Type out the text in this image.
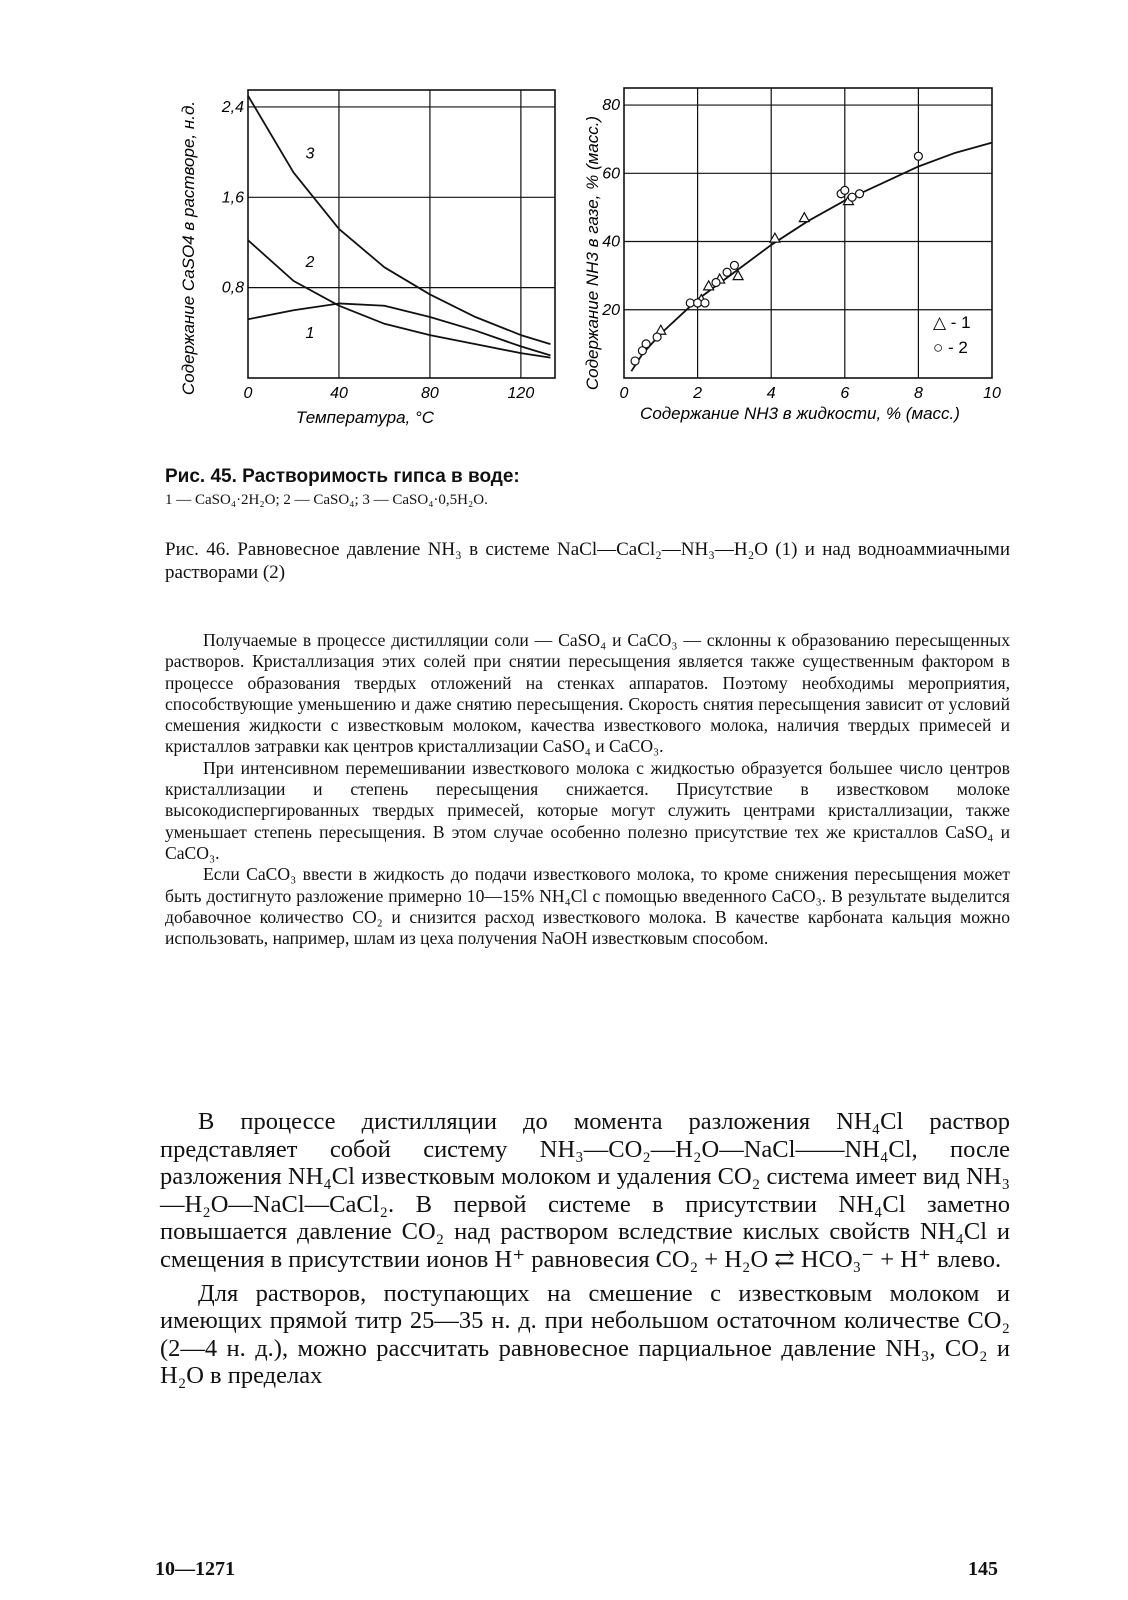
1
2
3
0	40	80	120
0,8
1,6
2,4
Температура, °С
Содержание CaSO4 в растворе, н.д.	0	2	4	6	8	10
20
40
60
80
△ - 1
○ - 2
Содержание NH3 в жидкости, % (масс.)
Содержание NH3 в газе, % (масс.)
Рис. 45. Растворимость гипса в воде:
1 — CaSO₄·2H₂O; 2 — CaSO₄; 3 — CaSO₄·0,5H₂O.
Рис. 46. Равновесное давление NH₃ в системе NaCl—CaCl₂—NH₃—H₂O (1) и над водноаммиачными растворами (2)

Получаемые в процессе дистилляции соли — CaSO₄ и CaCO₃ — склонны к образованию пересыщенных растворов. Кристаллизация этих солей при снятии пересыщения является также существенным фактором в процессе образования твердых отложений на стенках аппаратов. Поэтому необходимы мероприятия, способствующие уменьшению и даже снятию пересыщения. Скорость снятия пересыщения зависит от условий смешения жидкости с известковым молоком, качества известкового молока, наличия твердых примесей и кристаллов затравки как центров кристаллизации CaSO₄ и CaCO₃.

При интенсивном перемешивании известкового молока с жидкостью образуется большее число центров кристаллизации и степень пересыщения снижается. Присутствие в известковом молоке высокодиспергированных твердых примесей, которые могут служить центрами кристаллизации, также уменьшает степень пересыщения. В этом случае особенно полезно присутствие тех же кристаллов CaSO₄ и CaCO₃.

Если CaCO₃ ввести в жидкость до подачи известкового молока, то кроме снижения пересыщения может быть достигнуто разложение примерно 10—15% NH₄Cl с помощью введенного CaCO₃. В результате выделится добавочное количество CO₂ и снизится расход известкового молока. В качестве карбоната кальция можно использовать, например, шлам из цеха получения NaOH известковым способом.

В процессе дистилляции до момента разложения NH₄Cl раствор представляет собой систему NH₃—CO₂—H₂O—NaCl——NH₄Cl, после разложения NH₄Cl известковым молоком и удаления CO₂ система имеет вид NH₃—H₂O—NaCl—CaCl₂. В первой системе в присутствии NH₄Cl заметно повышается давление CO₂ над раствором вследствие кислых свойств NH₄Cl и смещения в присутствии ионов H⁺ равновесия CO₂ + H₂O ⇄ HCO₃⁻ + H⁺ влево.

Для растворов, поступающих на смешение с известковым молоком и имеющих прямой титр 25—35 н. д. при небольшом остаточном количестве CO₂ (2—4 н. д.), можно рассчитать равновесное парциальное давление NH₃, CO₂ и H₂O в пределах

10—1271	145
